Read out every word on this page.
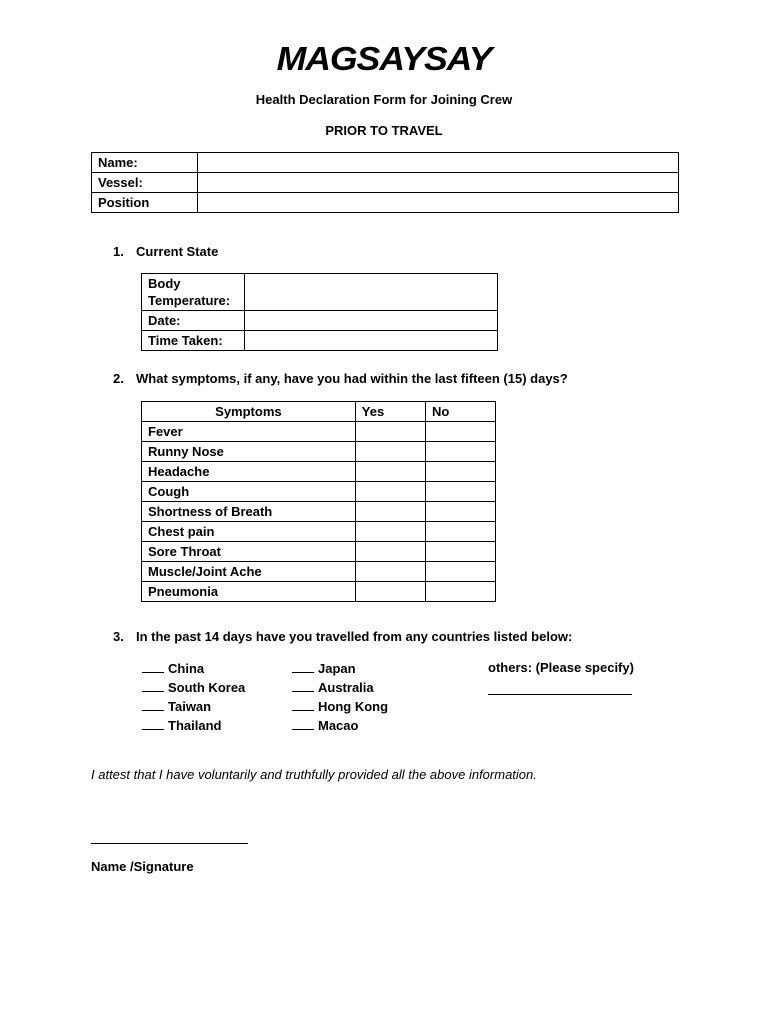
MAGSAYSAY
Health Declaration Form for Joining Crew
PRIOR TO TRAVEL
Name:	
Vessel:	
Position	
1. Current State
Body Temperature:	
Date:	
Time Taken:	
2. What symptoms, if any, have you had within the last fifteen (15) days?
Symptoms	Yes	No
Fever		
Runny Nose		
Headache		
Cough		
Shortness of Breath		
Chest pain		
Sore Throat		
Muscle/Joint Ache		
Pneumonia		
3. In the past 14 days have you travelled from any countries listed below:
China
South Korea
Taiwan
Thailand
Japan
Australia
Hong Kong
Macao
others: (Please specify)
I attest that I have voluntarily and truthfully provided all the above information.
Name /Signature
